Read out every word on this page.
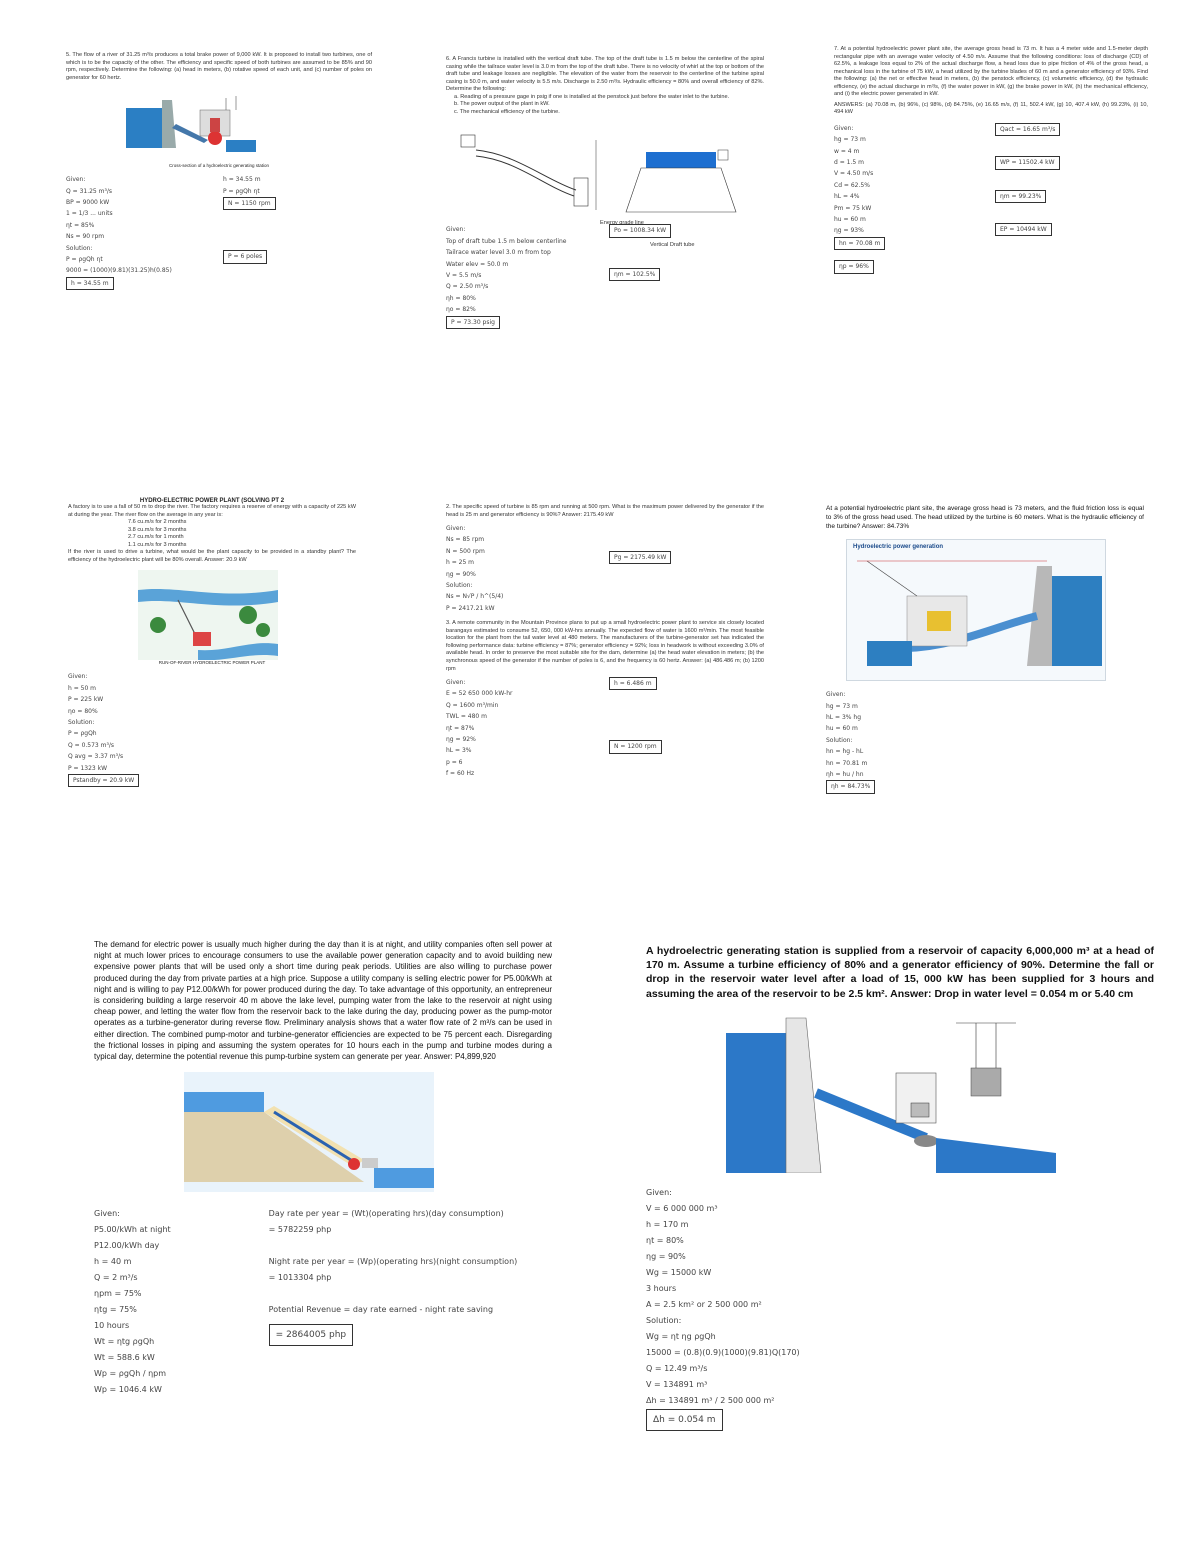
5. The flow of a river of 31.25 m³/s produces a total brake power of 9,000 kW. It is proposed to install two turbines, one of which is to be the capacity of the other. The efficiency and specific speed of both turbines are assumed to be 85% and 90 rpm, respectively. Determine the following: (a) head in meters, (b) rotative speed of each unit, and (c) number of poles on generator for 60 hertz.
Cross-section of a hydroelectric generating station
Given:
Q = 31.25 m³/s
BP = 9000 kW
1 = 1/3 ... units
ηt = 85%
Ns = 90 rpm
Solution:
P = ρgQh ηt
9000 = (1000)(9.81)(31.25)h(0.85)
h = 34.55 m
h = 34.55 m
P = ρgQh ηt
N = 1150 rpm
P = 6 poles
6. A Francis turbine is installed with the vertical draft tube. The top of the draft tube is 1.5 m below the centerline of the spiral casing while the tailrace water level is 3.0 m from the top of the draft tube. There is no velocity of whirl at the top or bottom of the draft tube and leakage losses are negligible. The elevation of the water from the reservoir to the centerline of the turbine spiral casing is 50.0 m, and water velocity is 5.5 m/s. Discharge is 2.50 m³/s. Hydraulic efficiency = 80% and overall efficiency of 82%. Determine the following:
a. Reading of a pressure gage in psig if one is installed at the penstock just before the water inlet to the turbine.
b. The power output of the plant in kW.
c. The mechanical efficiency of the turbine.
Vertical Draft tube
Energy grade line
Given:
Top of draft tube 1.5 m below centerline
Tailrace water level 3.0 m from top
Water elev = 50.0 m
V = 5.5 m/s
Q = 2.50 m³/s
ηh = 80%
ηo = 82%
P = 73.30 psig
Po = 1008.34 kW
ηm = 102.5%
7. At a potential hydroelectric power plant site, the average gross head is 73 m. It has a 4 meter wide and 1.5-meter depth rectangular pipe with an average water velocity of 4.50 m/s. Assume that the following conditions: loss of discharge (CD) of 62.5%, a leakage loss equal to 2% of the actual discharge flow, a head loss due to pipe friction of 4% of the gross head, a mechanical loss in the turbine of 75 kW, a head utilized by the turbine blades of 60 m and a generator efficiency of 93%. Find the following: (a) the net or effective head in meters, (b) the penstock efficiency, (c) volumetric efficiency, (d) the hydraulic efficiency, (e) the actual discharge in m³/s, (f) the water power in kW, (g) the brake power in kW, (h) the mechanical efficiency, and (i) the electric power generated in kW.
ANSWERS: (a) 70.08 m, (b) 96%, (c) 98%, (d) 84.75%, (e) 16.65 m/s, (f) 11, 502.4 kW, (g) 10, 407.4 kW, (h) 99.23%, (i) 10, 494 kW
Given:
hg = 73 m
w = 4 m
d = 1.5 m
V = 4.50 m/s
Cd = 62.5%
hL = 4%
Pm = 75 kW
hu = 60 m
ηg = 93%
hn = 70.08 m
ηp = 96%
Qact = 16.65 m³/s
WP = 11502.4 kW
ηm = 99.23%
EP = 10494 kW
HYDRO-ELECTRIC POWER PLANT (SOLVING PT 2
A factory is to use a fall of 50 m to drop the river. The factory requires a reserve of energy with a capacity of 225 kW at during the year. The river flow on the average in any year is:
7.6 cu.m/s for 2 months
3.8 cu.m/s for 3 months
2.7 cu.m/s for 1 month
1.1 cu.m/s for 3 months
If the river is used to drive a turbine, what would be the plant capacity to be provided in a standby plant? The efficiency of the hydroelectric plant will be 80% overall. Answer: 20.9 kW
RUN-OF-RIVER HYDROELECTRIC POWER PLANT
Given:
h = 50 m
P = 225 kW
ηo = 80%
Solution:
P = ρgQh
Q = 0.573 m³/s
Q avg = 3.37 m³/s
P = 1323 kW
Pstandby = 20.9 kW
2. The specific speed of turbine is 85 rpm and running at 500 rpm. What is the maximum power delivered by the generator if the head is 25 m and generator efficiency is 90%? Answer: 2175.49 kW
Given:
Ns = 85 rpm
N = 500 rpm
h = 25 m
ηg = 90%
Solution:
Ns = N√P / h^(5/4)
P = 2417.21 kW
Pg = 2175.49 kW
3. A remote community in the Mountain Province plans to put up a small hydroelectric power plant to service six closely located barangays estimated to consume 52, 650, 000 kW-hrs annually. The expected flow of water is 1600 m³/min. The most feasible location for the plant from the tail water level at 480 meters. The manufacturers of the turbine-generator set has indicated the following performance data: turbine efficiency = 87%; generator efficiency = 92%; loss in headwork is without exceeding 3.0% of available head. In order to preserve the most suitable site for the dam, determine (a) the head water elevation in meters; (b) the synchronous speed of the generator if the number of poles is 6, and the frequency is 60 hertz. Answer: (a) 486.486 m; (b) 1200 rpm
Given:
E = 52 650 000 kW-hr
Q = 1600 m³/min
TWL = 480 m
ηt = 87%
ηg = 92%
hL = 3%
p = 6
f = 60 Hz
h = 6.486 m
N = 1200 rpm
At a potential hydroelectric plant site, the average gross head is 73 meters, and the fluid friction loss is equal to 3% of the gross head used. The head utilized by the turbine is 60 meters. What is the hydraulic efficiency of the turbine? Answer: 84.73%
Hydroelectric power generation
Given:
hg = 73 m
hL = 3% hg
hu = 60 m
Solution:
hn = hg - hL
hn = 70.81 m
ηh = hu / hn
ηh = 84.73%
The demand for electric power is usually much higher during the day than it is at night, and utility companies often sell power at night at much lower prices to encourage consumers to use the available power generation capacity and to avoid building new expensive power plants that will be used only a short time during peak periods. Utilities are also willing to purchase power produced during the day from private parties at a high price. Suppose a utility company is selling electric power for P5.00/kWh at night and is willing to pay P12.00/kWh for power produced during the day. To take advantage of this opportunity, an entrepreneur is considering building a large reservoir 40 m above the lake level, pumping water from the lake to the reservoir at night using cheap power, and letting the water flow from the reservoir back to the lake during the day, producing power as the pump-motor operates as a turbine-generator during reverse flow. Preliminary analysis shows that a water flow rate of 2 m³/s can be used in either direction. The combined pump-motor and turbine-generator efficiencies are expected to be 75 percent each. Disregarding the frictional losses in piping and assuming the system operates for 10 hours each in the pump and turbine modes during a typical day, determine the potential revenue this pump-turbine system can generate per year. Answer: P4,899,920
Given:
P5.00/kWh at night
P12.00/kWh day
h = 40 m
Q = 2 m³/s
ηpm = 75%
ηtg = 75%
10 hours
Wt = ηtg ρgQh
Wt = 588.6 kW
Wp = ρgQh / ηpm
Wp = 1046.4 kW
Day rate per year = (Wt)(operating hrs)(day consumption)
= 5782259 php
Night rate per year = (Wp)(operating hrs)(night consumption)
= 1013304 php
Potential Revenue = day rate earned - night rate saving
= 2864005 php
A hydroelectric generating station is supplied from a reservoir of capacity 6,000,000 m³ at a head of 170 m. Assume a turbine efficiency of 80% and a generator efficiency of 90%. Determine the fall or drop in the reservoir water level after a load of 15, 000 kW has been supplied for 3 hours and assuming the area of the reservoir to be 2.5 km². Answer: Drop in water level = 0.054 m or 5.40 cm
Given:
V = 6 000 000 m³
h = 170 m
ηt = 80%
ηg = 90%
Wg = 15000 kW
3 hours
A = 2.5 km² or 2 500 000 m²
Solution:
Wg = ηt ηg ρgQh
15000 = (0.8)(0.9)(1000)(9.81)Q(170)
Q = 12.49 m³/s
V = 134891 m³
Δh = 134891 m³ / 2 500 000 m²
Δh = 0.054 m
